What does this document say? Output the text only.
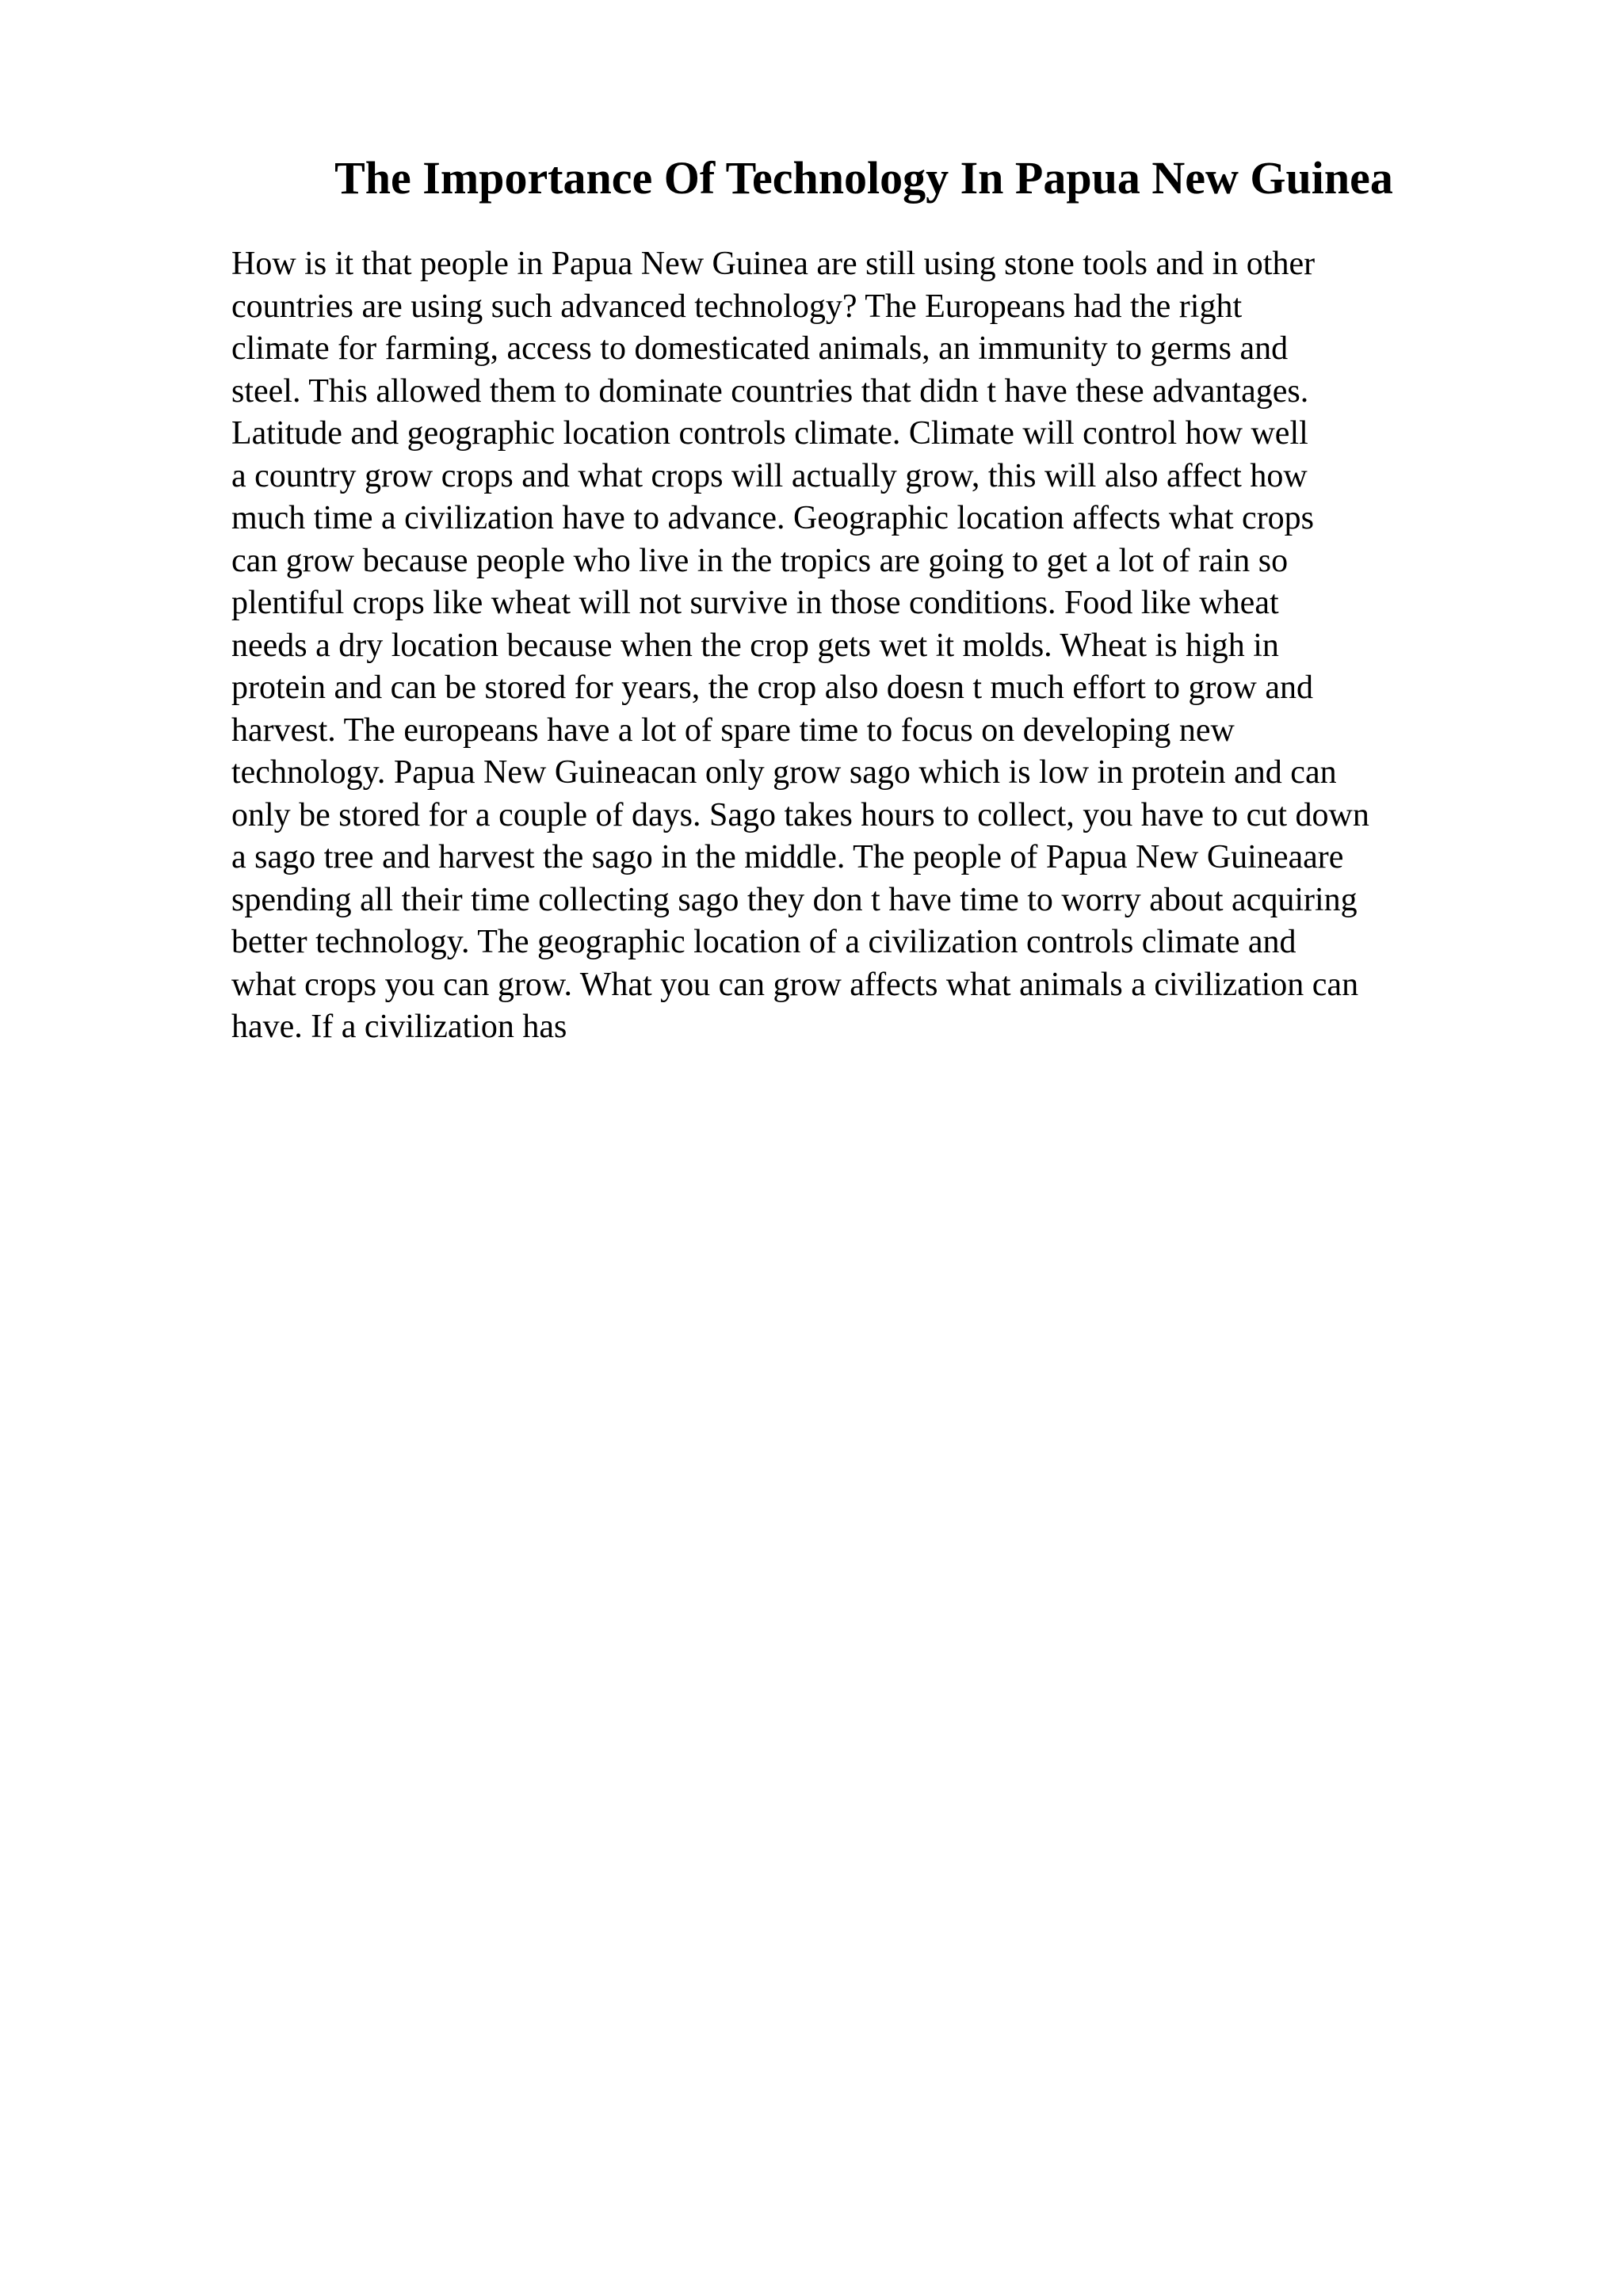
The Importance Of Technology In Papua New Guinea
How is it that people in Papua New Guinea are still using stone tools and in other
countries are using such advanced technology? The Europeans had the right
climate for farming, access to domesticated animals, an immunity to germs and
steel. This allowed them to dominate countries that didn t have these advantages.
Latitude and geographic location controls climate. Climate will control how well
a country grow crops and what crops will actually grow, this will also affect how
much time a civilization have to advance. Geographic location affects what crops
can grow because people who live in the tropics are going to get a lot of rain so
plentiful crops like wheat will not survive in those conditions. Food like wheat
needs a dry location because when the crop gets wet it molds. Wheat is high in
protein and can be stored for years, the crop also doesn t much effort to grow and
harvest. The europeans have a lot of spare time to focus on developing new
technology. Papua New Guineacan only grow sago which is low in protein and can
only be stored for a couple of days. Sago takes hours to collect, you have to cut down
a sago tree and harvest the sago in the middle. The people of Papua New Guineaare
spending all their time collecting sago they don t have time to worry about acquiring
better technology. The geographic location of a civilization controls climate and
what crops you can grow. What you can grow affects what animals a civilization can
have. If a civilization has
